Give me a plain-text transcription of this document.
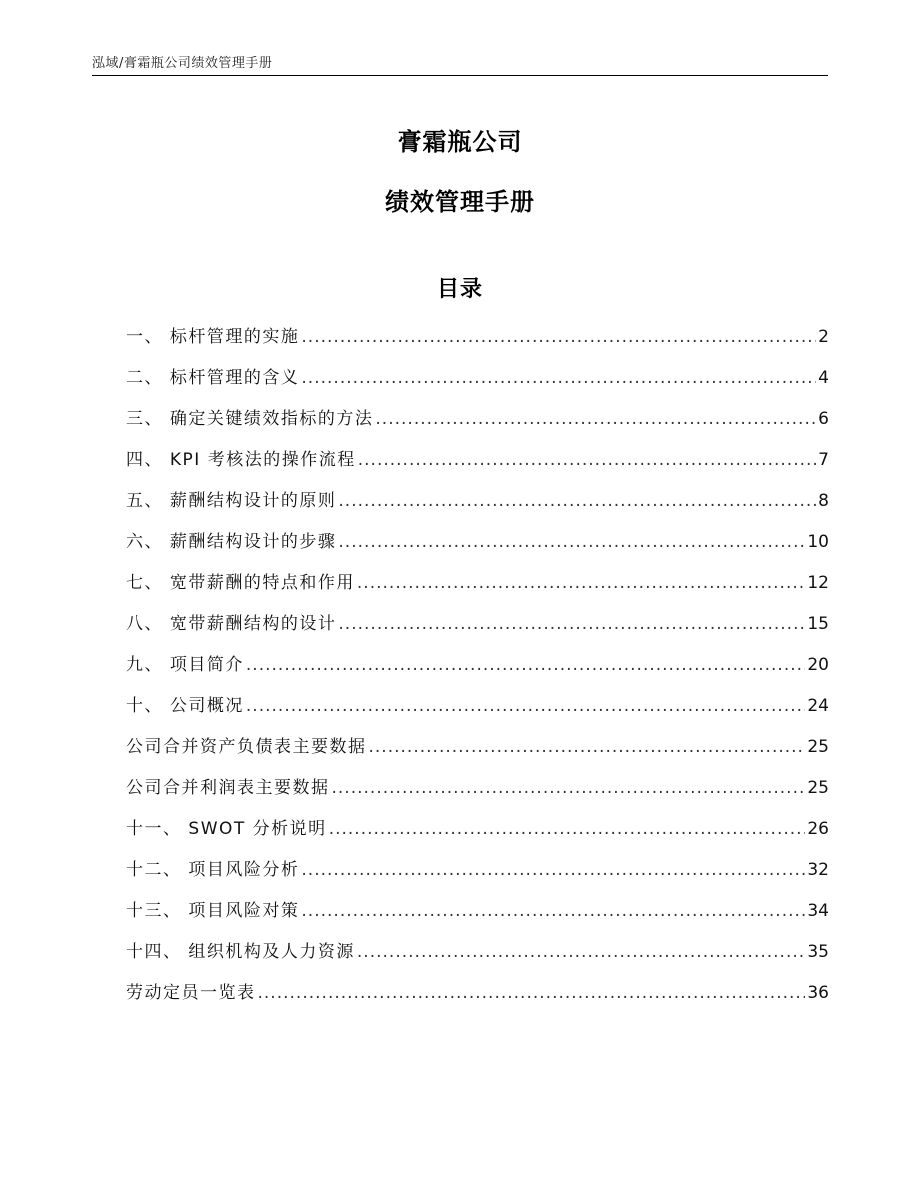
泓域/膏霜瓶公司绩效管理手册
膏霜瓶公司
绩效管理手册
目录
一、 标杆管理的实施 .....	2
二、 标杆管理的含义 .....	4
三、 确定关键绩效指标的方法 .....	6
四、 KPI 考核法的操作流程 .....	7
五、 薪酬结构设计的原则 .....	8
六、 薪酬结构设计的步骤 .....	10
七、 宽带薪酬的特点和作用 .....	12
八、 宽带薪酬结构的设计 .....	15
九、 项目简介 .....	20
十、 公司概况 .....	24
公司合并资产负债表主要数据 .....	25
公司合并利润表主要数据 .....	25
十一、 SWOT 分析说明 .....	26
十二、 项目风险分析 .....	32
十三、 项目风险对策 .....	34
十四、 组织机构及人力资源 .....	35
劳动定员一览表 .....	36
